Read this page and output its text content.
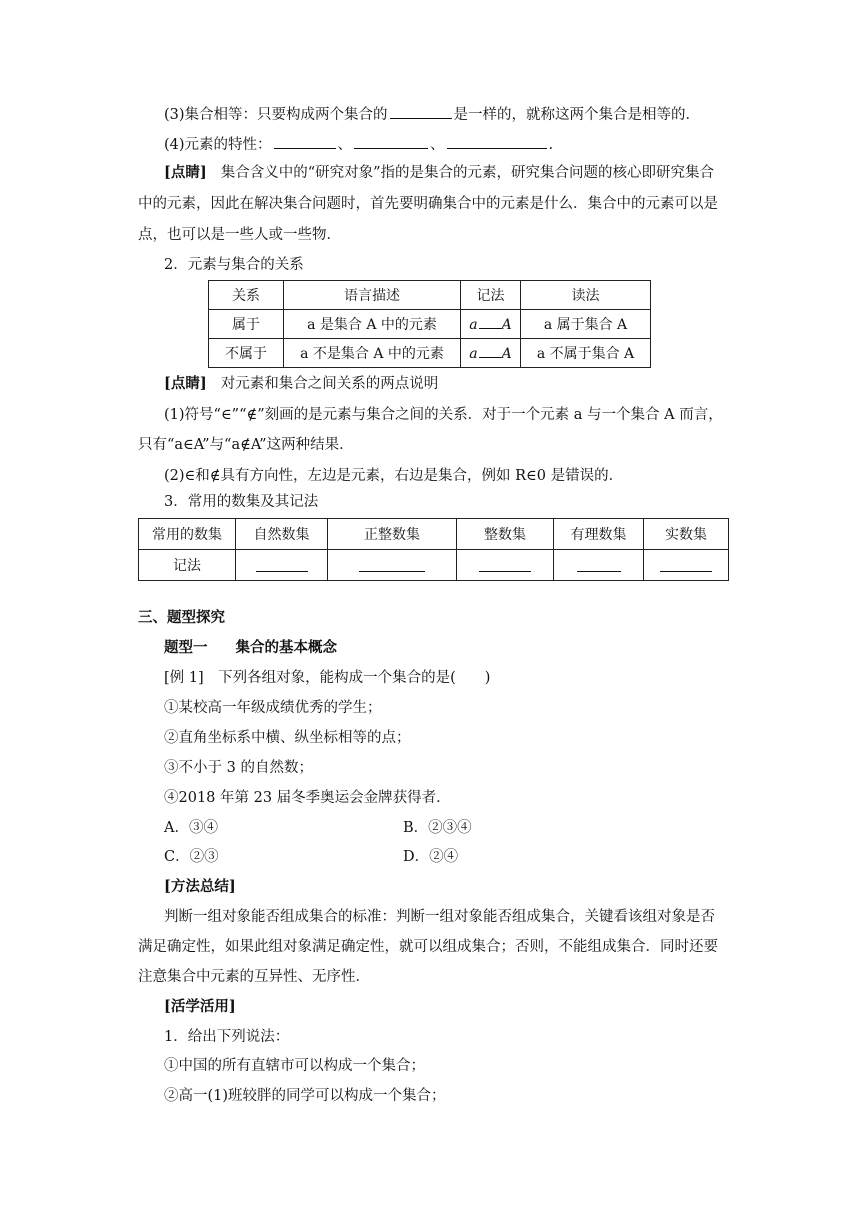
(3)集合相等：只要构成两个集合的	是一样的，就称这两个集合是相等的．
(4)元素的特性：	、	、	.
[点睛] 集合含义中的“研究对象”指的是集合的元素，研究集合问题的核心即研究集合
中的元素，因此在解决集合问题时，首先要明确集合中的元素是什么．集合中的元素可以是
点，也可以是一些人或一些物．
2．元素与集合的关系
关系	语言描述	记法	读法
属于	a 是集合 A 中的元素	a A	a 属于集合 A
不属于	a 不是集合 A 中的元素	a A	a 不属于集合 A
[点睛] 对元素和集合之间关系的两点说明
(1)符号“∈”“∉”刻画的是元素与集合之间的关系．对于一个元素 a 与一个集合 A 而言，
只有“a∈A”与“a∉A”这两种结果．
(2)∈和∉具有方向性，左边是元素，右边是集合，例如 R∈0 是错误的．
3．常用的数集及其记法
常用的数集	自然数集	正整数集	整数集	有理数集	实数集
记法					
三、题型探究
题型一 集合的基本概念
[例 1]　下列各组对象，能构成一个集合的是(　　)
①某校高一年级成绩优秀的学生；
②直角坐标系中横、纵坐标相等的点；
③不小于 3 的自然数；
④2018 年第 23 届冬季奥运会金牌获得者．
A．③④	B．②③④
C．②③	D．②④
[方法总结]
判断一组对象能否组成集合的标准：判断一组对象能否组成集合，关键看该组对象是否
满足确定性，如果此组对象满足确定性，就可以组成集合；否则，不能组成集合．同时还要
注意集合中元素的互异性、无序性．
[活学活用]
1．给出下列说法：
①中国的所有直辖市可以构成一个集合；
②高一(1)班较胖的同学可以构成一个集合；
